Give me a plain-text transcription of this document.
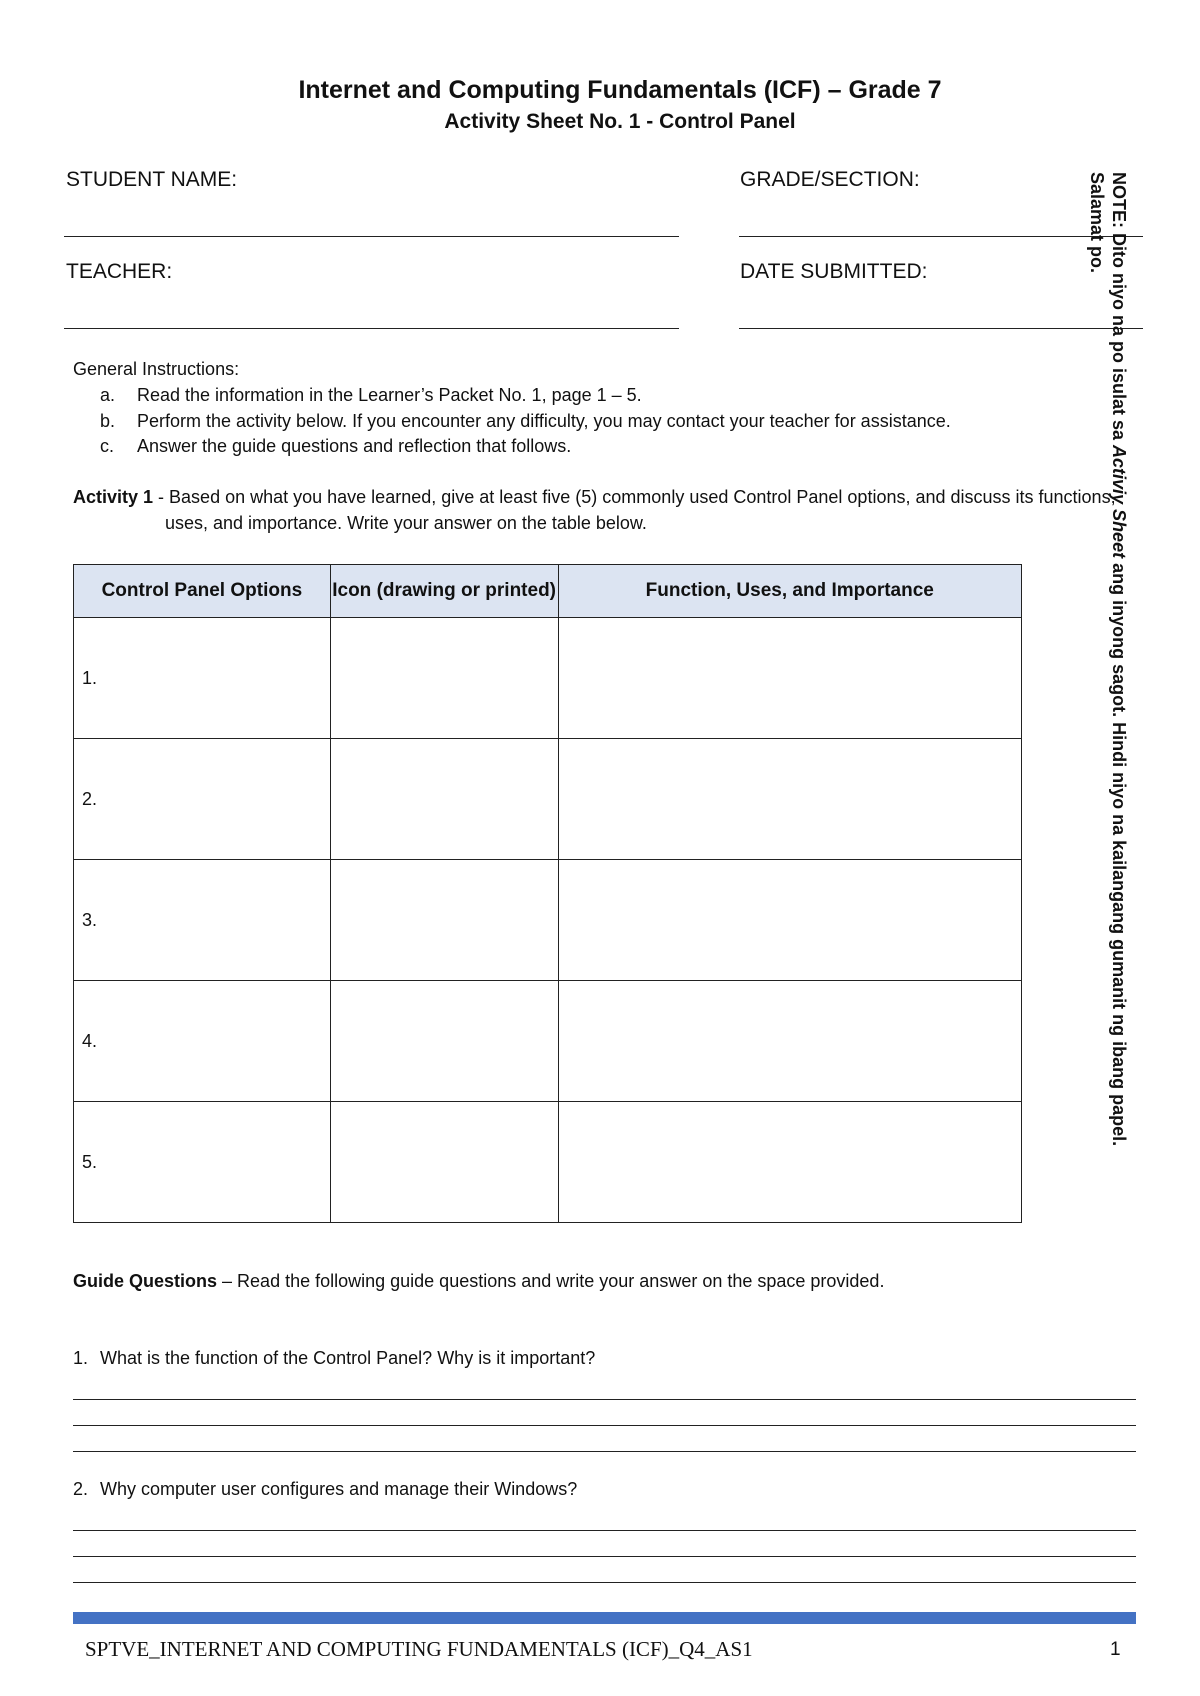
Internet and Computing Fundamentals (ICF) – Grade 7
Activity Sheet No. 1 - Control Panel
STUDENT NAME:	GRADE/SECTION:
TEACHER:	DATE SUBMITTED:
General Instructions:
a. Read the information in the Learner’s Packet No. 1, page 1 – 5.
b. Perform the activity below. If you encounter any difficulty, you may contact your teacher for assistance.
c. Answer the guide questions and reflection that follows.
Activity 1 - Based on what you have learned, give at least five (5) commonly used Control Panel options, and discuss its functions,
uses, and importance. Write your answer on the table below.
Control Panel Options	Icon (drawing or printed)	Function, Uses, and Importance
1.		
2.		
3.		
4.		
5.		
Guide Questions – Read the following guide questions and write your answer on the space provided.
1. What is the function of the Control Panel? Why is it important?
2. Why computer user configures and manage their Windows?
NOTE: Dito niyo na po isulat sa Activiy Sheet ang inyong sagot. Hindi niyo na kailangang gumanit ng ibang papel. Salamat po.
SPTVE_INTERNET AND COMPUTING FUNDAMENTALS (ICF)_Q4_AS1	1
